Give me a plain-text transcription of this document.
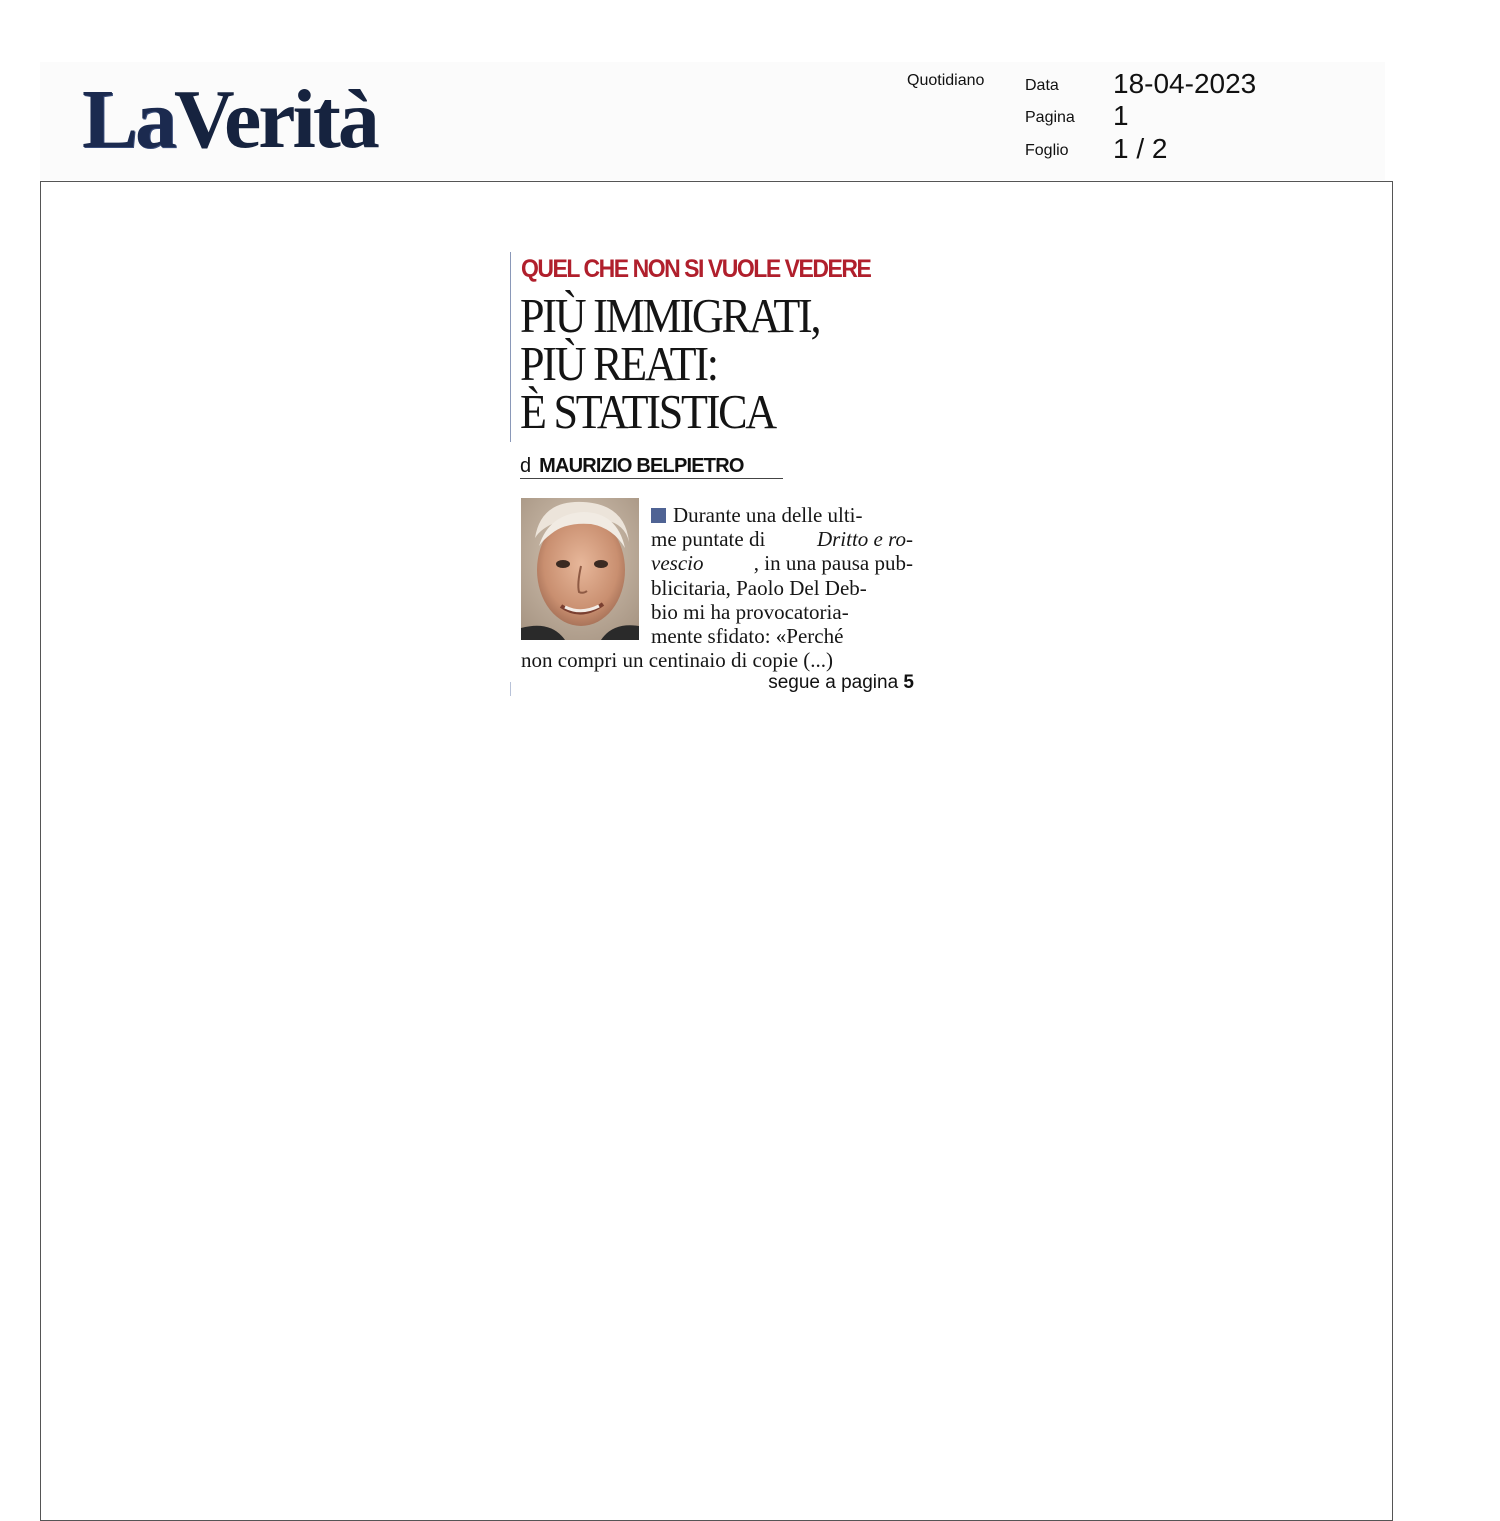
LaVerità	Quotidiano	Data 18-04-2023
Pagina 1
Foglio 1 / 2
QUEL CHE NON SI VUOLE VEDERE
PIÙ IMMIGRATI,
PIÙ REATI:
È STATISTICA
d MAURIZIO BELPIETRO
Durante una delle ulti-
me puntate di Dritto e ro-
vescio , in una pausa pub-
blicitaria, Paolo Del Deb-
bio mi ha provocatoria-
mente sfidato: «Perché
non compri un centinaio di copie (...)
segue a pagina 5
